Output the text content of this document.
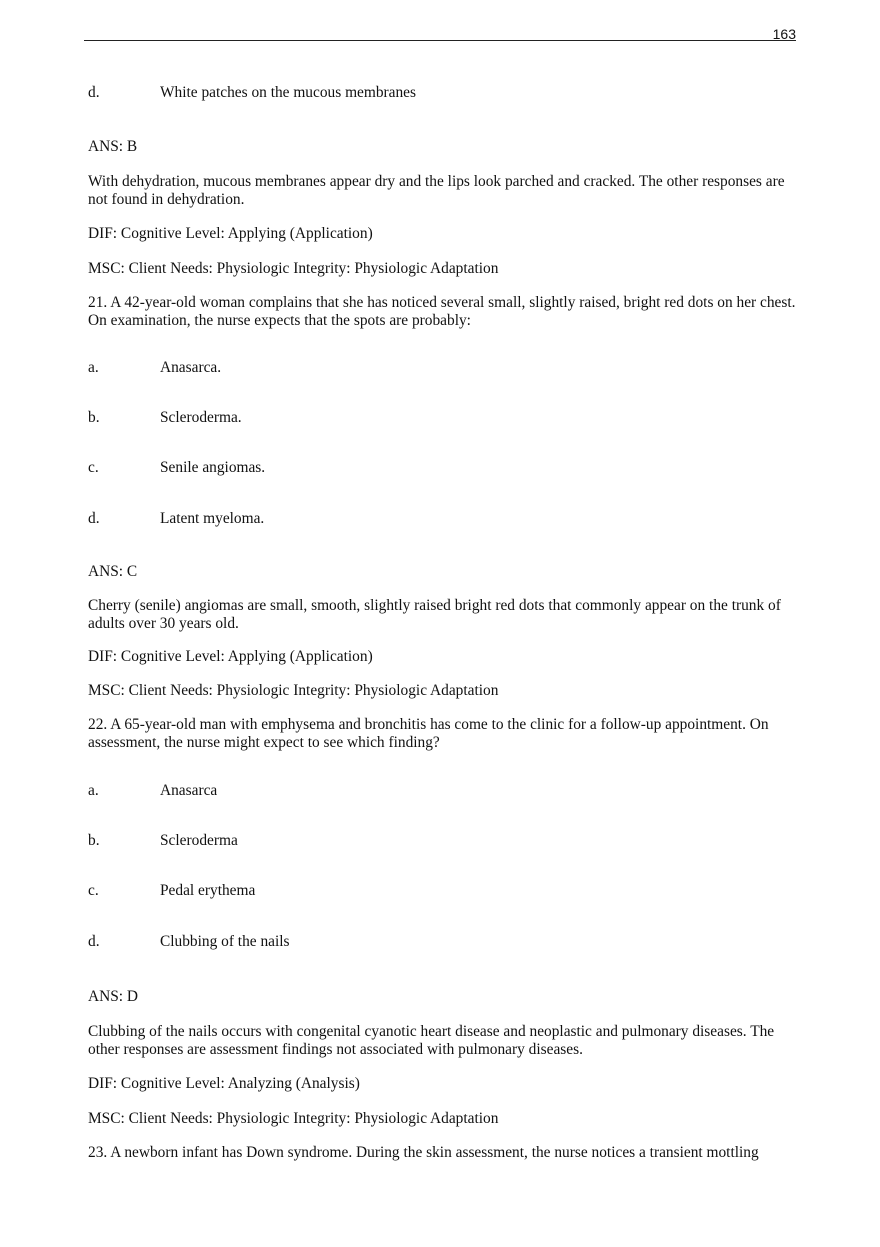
163
d.	White patches on the mucous membranes
ANS: B
With dehydration, mucous membranes appear dry and the lips look parched and cracked. The other responses are not found in dehydration.
DIF: Cognitive Level: Applying (Application)
MSC: Client Needs: Physiologic Integrity: Physiologic Adaptation
21. A 42-year-old woman complains that she has noticed several small, slightly raised, bright red dots on her chest. On examination, the nurse expects that the spots are probably:
a.	Anasarca.
b.	Scleroderma.
c.	Senile angiomas.
d.	Latent myeloma.
ANS: C
Cherry (senile) angiomas are small, smooth, slightly raised bright red dots that commonly appear on the trunk of adults over 30 years old.
DIF: Cognitive Level: Applying (Application)
MSC: Client Needs: Physiologic Integrity: Physiologic Adaptation
22. A 65-year-old man with emphysema and bronchitis has come to the clinic for a follow-up appointment. On assessment, the nurse might expect to see which finding?
a.	Anasarca
b.	Scleroderma
c.	Pedal erythema
d.	Clubbing of the nails
ANS: D
Clubbing of the nails occurs with congenital cyanotic heart disease and neoplastic and pulmonary diseases. The other responses are assessment findings not associated with pulmonary diseases.
DIF: Cognitive Level: Analyzing (Analysis)
MSC: Client Needs: Physiologic Integrity: Physiologic Adaptation
23. A newborn infant has Down syndrome. During the skin assessment, the nurse notices a transient mottling
